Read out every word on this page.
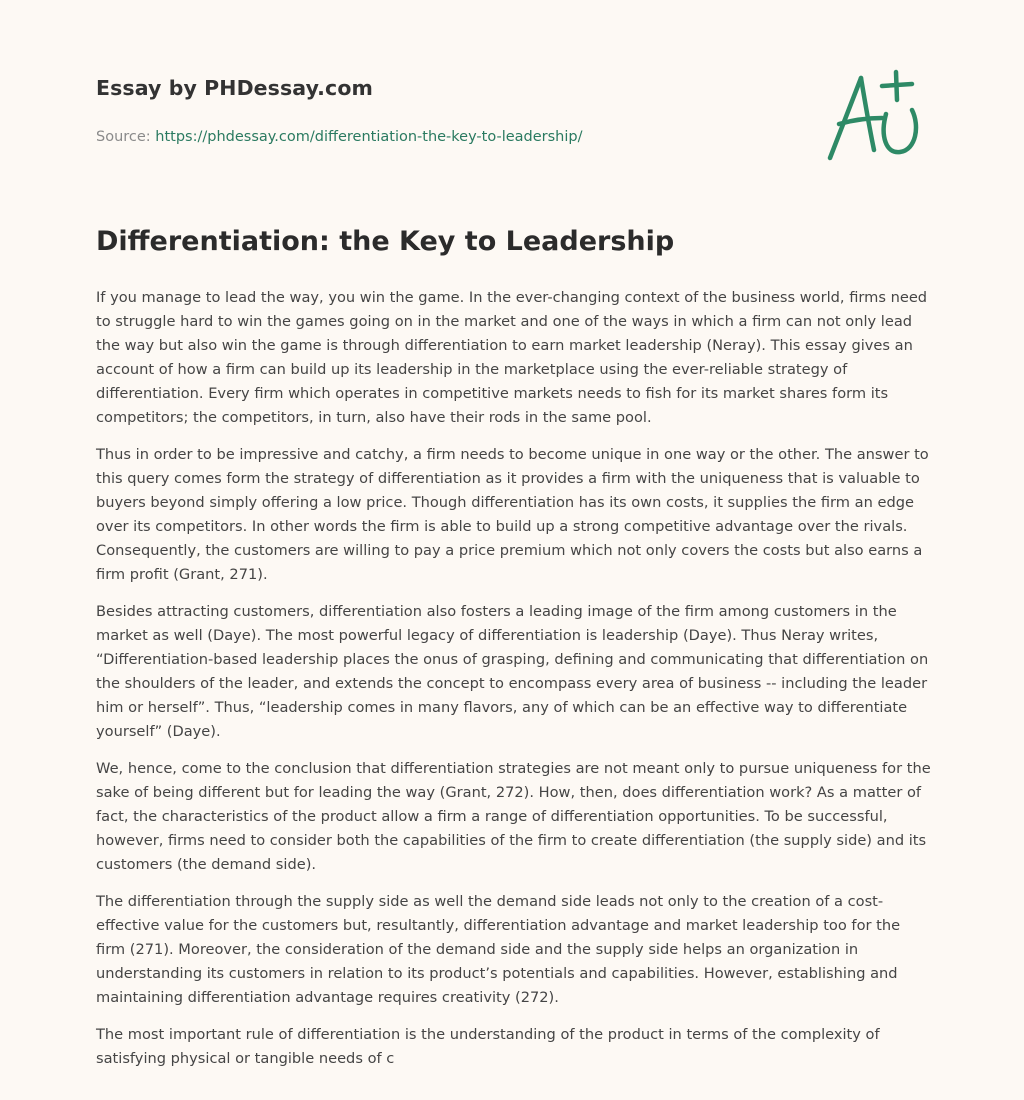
Essay by PHDessay.com
Source: https://phdessay.com/differentiation-the-key-to-leadership/
Differentiation: the Key to Leadership

If you manage to lead the way, you win the game. In the ever-changing context of the business world, firms need to struggle hard to win the games going on in the market and one of the ways in which a firm can not only lead the way but also win the game is through differentiation to earn market leadership (Neray). This essay gives an account of how a firm can build up its leadership in the marketplace using the ever-reliable strategy of differentiation. Every firm which operates in competitive markets needs to fish for its market shares form its competitors; the competitors, in turn, also have their rods in the same pool.

Thus in order to be impressive and catchy, a firm needs to become unique in one way or the other. The answer to this query comes form the strategy of differentiation as it provides a firm with the uniqueness that is valuable to buyers beyond simply offering a low price. Though differentiation has its own costs, it supplies the firm an edge over its competitors. In other words the firm is able to build up a strong competitive advantage over the rivals. Consequently, the customers are willing to pay a price premium which not only covers the costs but also earns a firm profit (Grant, 271).

Besides attracting customers, differentiation also fosters a leading image of the firm among customers in the market as well (Daye). The most powerful legacy of differentiation is leadership (Daye). Thus Neray writes, “Differentiation-based leadership places the onus of grasping, defining and communicating that differentiation on the shoulders of the leader, and extends the concept to encompass every area of business -- including the leader him or herself”. Thus, “leadership comes in many flavors, any of which can be an effective way to differentiate yourself” (Daye).

We, hence, come to the conclusion that differentiation strategies are not meant only to pursue uniqueness for the sake of being different but for leading the way (Grant, 272). How, then, does differentiation work? As a matter of fact, the characteristics of the product allow a firm a range of differentiation opportunities. To be successful, however, firms need to consider both the capabilities of the firm to create differentiation (the supply side) and its customers (the demand side).

The differentiation through the supply side as well the demand side leads not only to the creation of a cost-effective value for the customers but, resultantly, differentiation advantage and market leadership too for the firm (271). Moreover, the consideration of the demand side and the supply side helps an organization in understanding its customers in relation to its product’s potentials and capabilities. However, establishing and maintaining differentiation advantage requires creativity (272).

The most important rule of differentiation is the understanding of the product in terms of the complexity of satisfying physical or tangible needs of c
